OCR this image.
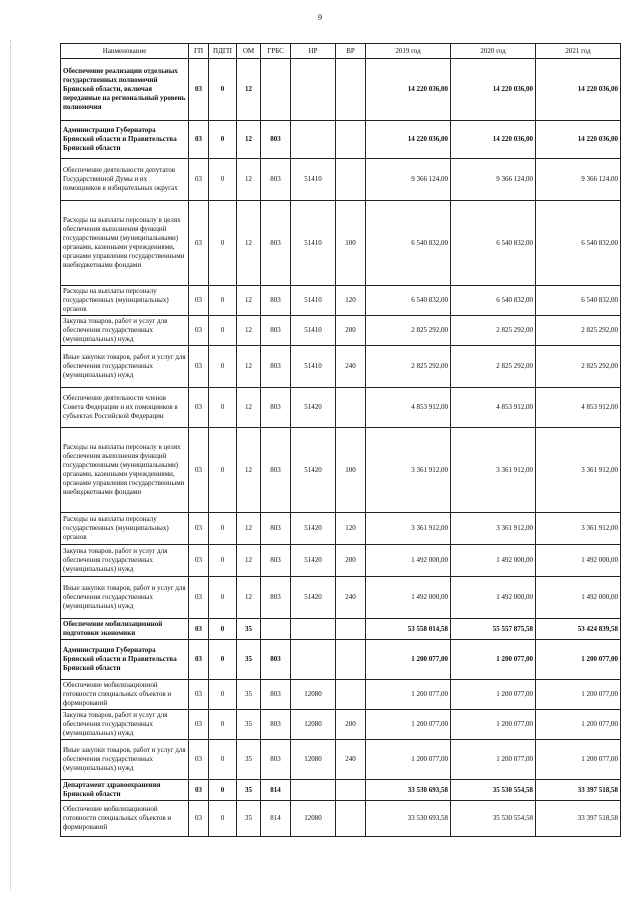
9
Наименование	ГП	ПДГП	ОМ	ГРБС	НР	ВР	2019 год	2020 год	2021 год
Обеспечение реализации отдельных государственных полномочий Брянской области, включая переданные на региональный уровень полномочия	03	0	12				14 220 036,00	14 220 036,00	14 220 036,00
Администрация Губернатора Брянской области и Правительства Брянской области	03	0	12	803			14 220 036,00	14 220 036,00	14 220 036,00
Обеспечение деятельности депутатов Государственной Думы и их помощников в избирательных округах	03	0	12	803	51410		9 366 124,00	9 366 124,00	9 366 124,00
Расходы на выплаты персоналу в целях обеспечения выполнения функций государственными (муниципальными) органами, казенными учреждениями, органами управления государственными внебюджетными фондами	03	0	12	803	51410	100	6 540 832,00	6 540 832,00	6 540 832,00
Расходы на выплаты персоналу государственных (муниципальных) органов	03	0	12	803	51410	120	6 540 832,00	6 540 832,00	6 540 832,00
Закупка товаров, работ и услуг для обеспечения государственных (муниципальных) нужд	03	0	12	803	51410	200	2 825 292,00	2 825 292,00	2 825 292,00
Иные закупки товаров, работ и услуг для обеспечения государственных (муниципальных) нужд	03	0	12	803	51410	240	2 825 292,00	2 825 292,00	2 825 292,00
Обеспечение деятельности членов Совета Федерации и их помощников в субъектах Российской Федерации	03	0	12	803	51420		4 853 912,00	4 853 912,00	4 853 912,00
Расходы на выплаты персоналу в целях обеспечения выполнения функций государственными (муниципальными) органами, казенными учреждениями, органами управления государственными внебюджетными фондами	03	0	12	803	51420	100	3 361 912,00	3 361 912,00	3 361 912,00
Расходы на выплаты персоналу государственных (муниципальных) органов	03	0	12	803	51420	120	3 361 912,00	3 361 912,00	3 361 912,00
Закупка товаров, работ и услуг для обеспечения государственных (муниципальных) нужд	03	0	12	803	51420	200	1 492 000,00	1 492 000,00	1 492 000,00
Иные закупки товаров, работ и услуг для обеспечения государственных (муниципальных) нужд	03	0	12	803	51420	240	1 492 000,00	1 492 000,00	1 492 000,00
Обеспечение мобилизационной подготовки экономики	03	0	35				53 558 014,58	55 557 875,58	53 424 839,58
Администрация Губернатора Брянской области и Правительства Брянской области	03	0	35	803			1 200 077,00	1 200 077,00	1 200 077,00
Обеспечение мобилизационной готовности специальных объектов и формирований	03	0	35	803	12080		1 200 077,00	1 200 077,00	1 200 077,00
Закупка товаров, работ и услуг для обеспечения государственных (муниципальных) нужд	03	0	35	803	12080	200	1 200 077,00	1 200 077,00	1 200 077,00
Иные закупки товаров, работ и услуг для обеспечения государственных (муниципальных) нужд	03	0	35	803	12080	240	1 200 077,00	1 200 077,00	1 200 077,00
Департамент здравоохранения Брянской области	03	0	35	814			33 530 693,58	35 530 554,58	33 397 518,58
Обеспечение мобилизационной готовности специальных объектов и формирований	03	0	35	814	12080		33 530 693,58	35 530 554,58	33 397 518,58
